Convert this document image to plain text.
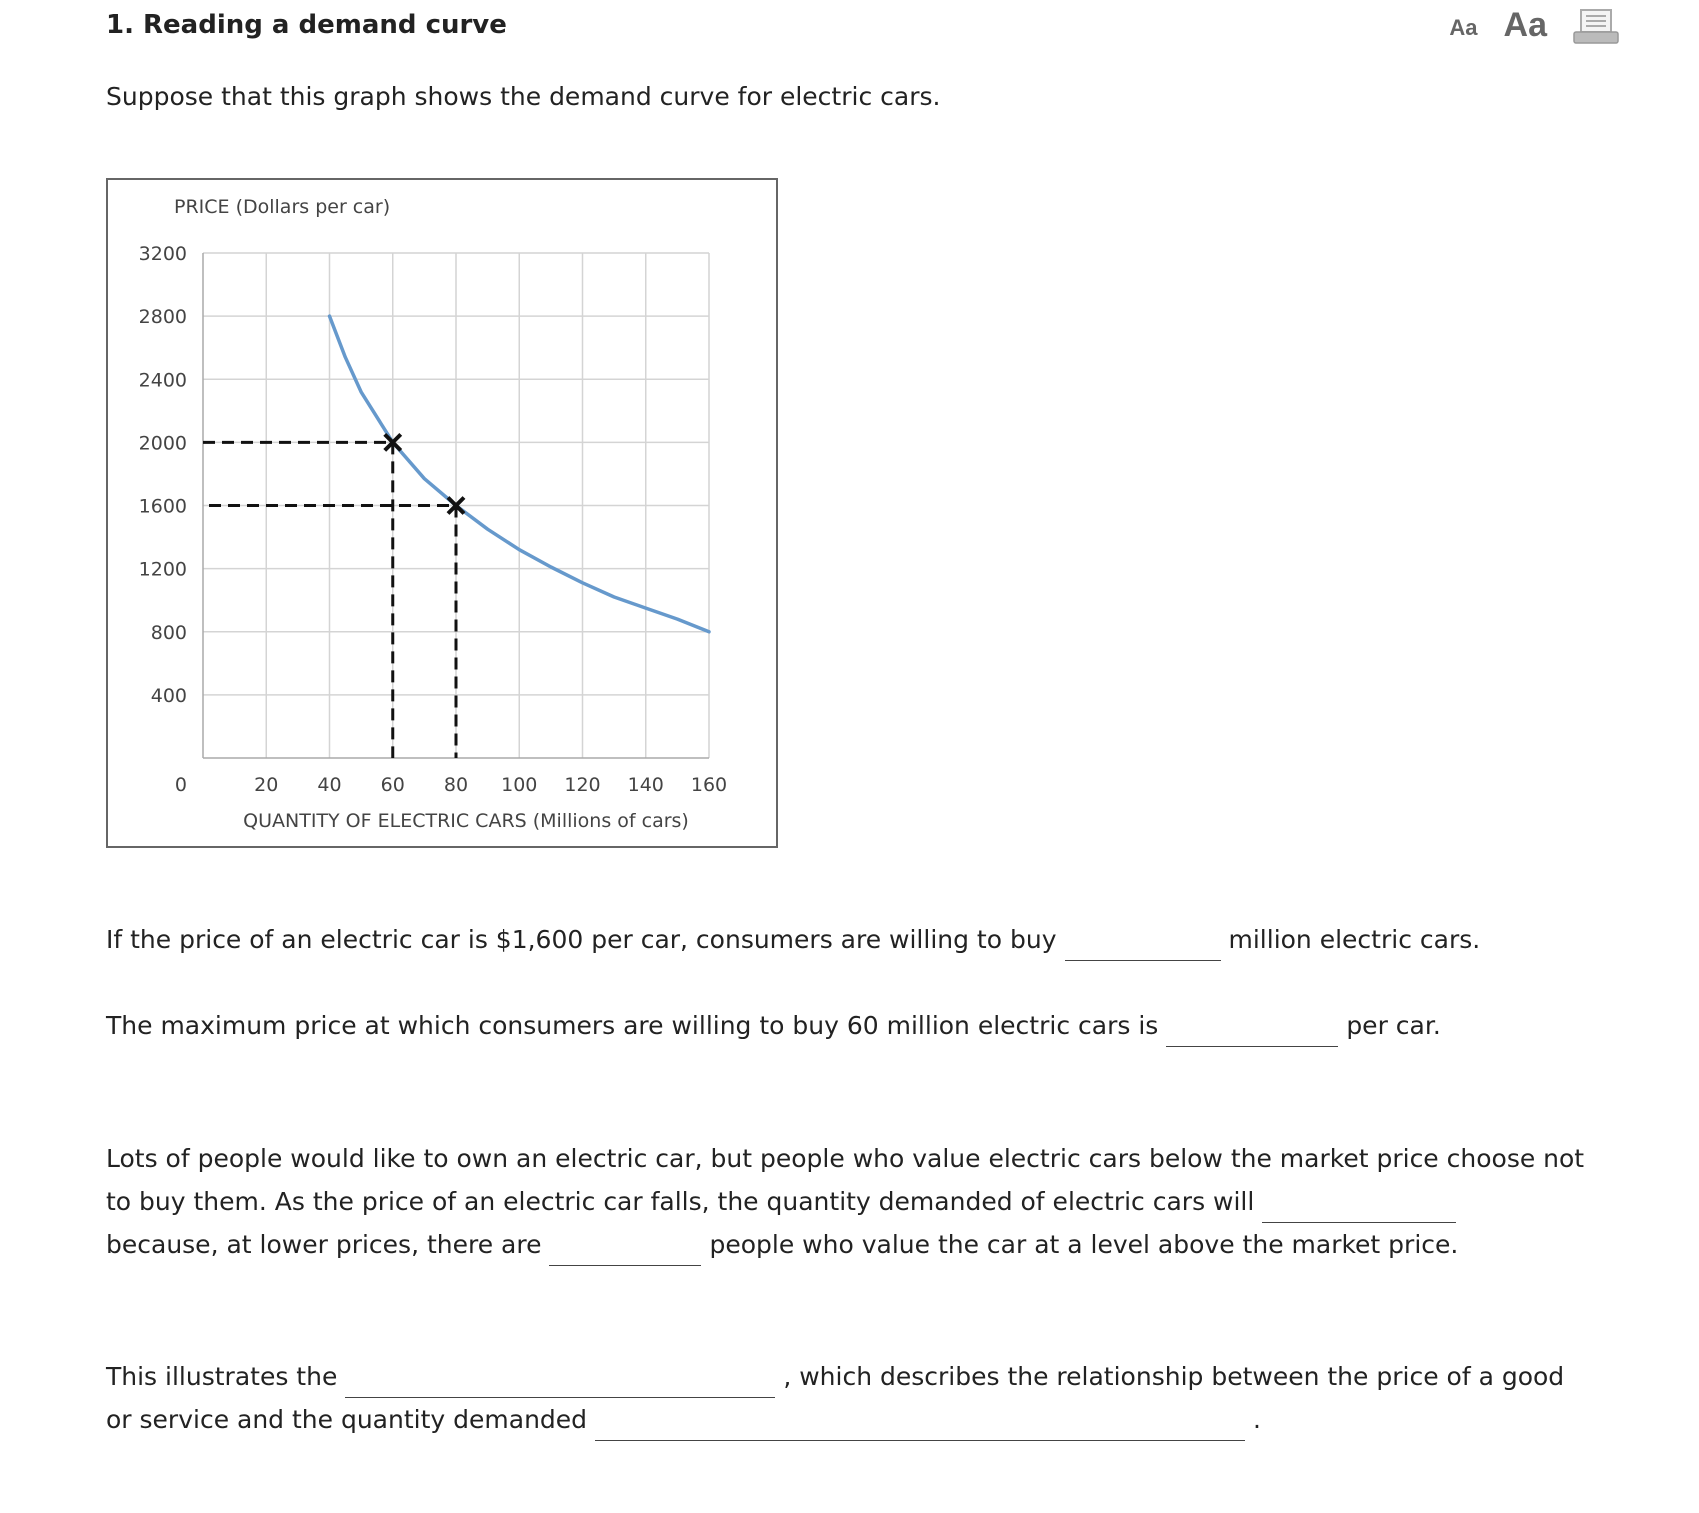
1. Reading a demand curve	Aa Aa
Suppose that this graph shows the demand curve for electric cars.
3200
2800
2400
2000
1600
1200
800
400
20 40 60 80 100 120 140 160
0
PRICE (Dollars per car)
QUANTITY OF ELECTRIC CARS (Millions of cars)
If the price of an electric car is $1,600 per car, consumers are willing to buy	million electric cars.
The maximum price at which consumers are willing to buy 60 million electric cars is	per car.
Lots of people would like to own an electric car, but people who value electric cars below the market price choose not
to buy them. As the price of an electric car falls, the quantity demanded of electric cars will
because, at lower prices, there are	people who value the car at a level above the market price.
This illustrates the	, which describes the relationship between the price of a good
or service and the quantity demanded	.
